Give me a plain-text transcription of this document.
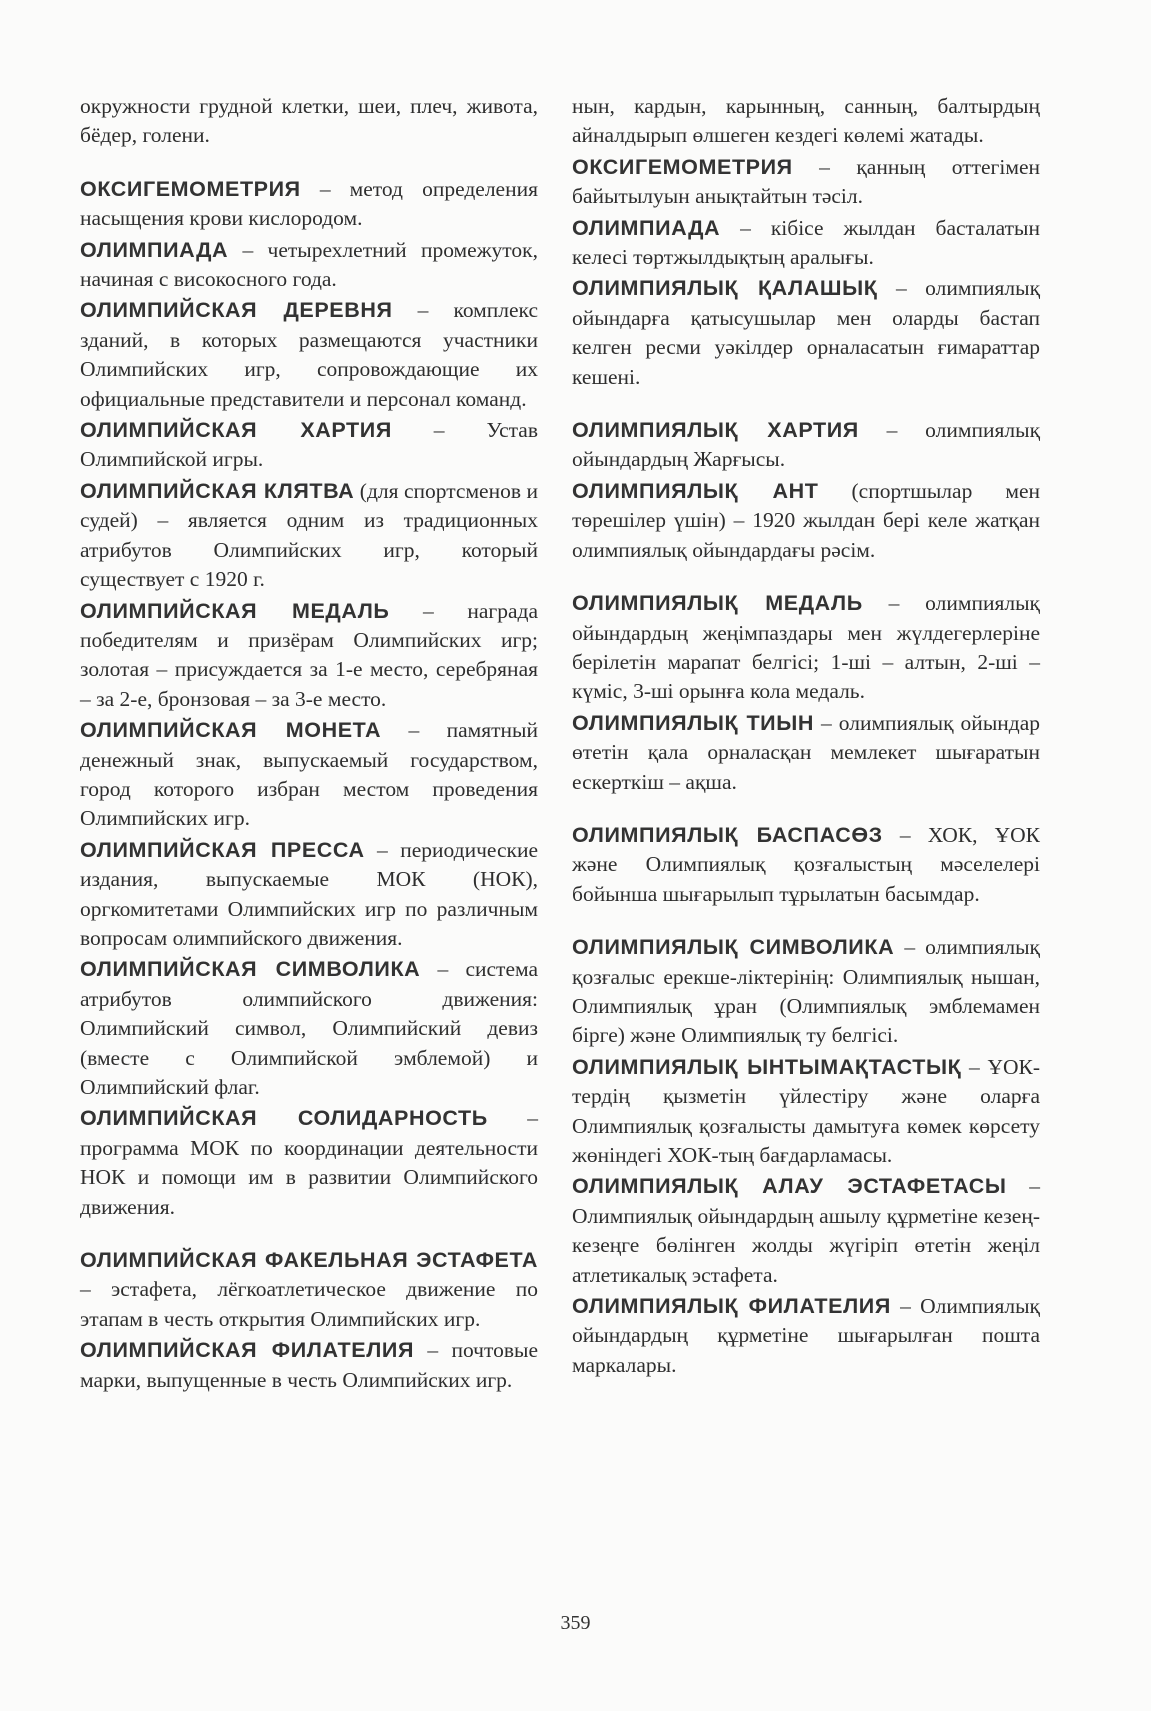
окружности грудной клетки, шеи, плеч, живота, бёдер, голени.

ОКСИГЕМОМЕТРИЯ – метод определения насыщения крови кислородом.

ОЛИМПИАДА – четырехлетний промежуток, начиная с високосного года.

ОЛИМПИЙСКАЯ ДЕРЕВНЯ – комплекс зданий, в которых размещаются участники Олимпийских игр, сопровождающие их официальные представители и персонал команд.

ОЛИМПИЙСКАЯ ХАРТИЯ – Устав Олимпийской игры.

ОЛИМПИЙСКАЯ КЛЯТВА (для спортсменов и судей) – является одним из традиционных атрибутов Олимпийских игр, который существует с 1920 г.

ОЛИМПИЙСКАЯ МЕДАЛЬ – награда победителям и призёрам Олимпийских игр; золотая – присуждается за 1-е место, серебряная – за 2-е, бронзовая – за 3-е место.

ОЛИМПИЙСКАЯ МОНЕТА – памятный денежный знак, выпускаемый государством, город которого избран местом проведения Олимпийских игр.

ОЛИМПИЙСКАЯ ПРЕССА – периодические издания, выпускаемые МОК (НОК), оргкомитетами Олимпийских игр по различным вопросам олимпийского движения.

ОЛИМПИЙСКАЯ СИМВОЛИКА – система атрибутов олимпийского движения: Олимпийский символ, Олимпийский девиз (вместе с Олимпийской эмблемой) и Олимпийский флаг.

ОЛИМПИЙСКАЯ СОЛИДАРНОСТЬ – программа МОК по координации деятельности НОК и помощи им в развитии Олимпийского движения.

ОЛИМПИЙСКАЯ ФАКЕЛЬНАЯ ЭСТАФЕТА – эстафета, лёгкоатлетическое движение по этапам в честь открытия Олимпийских игр.

ОЛИМПИЙСКАЯ ФИЛАТЕЛИЯ – почтовые марки, выпущенные в честь Олимпийских игр.

нын, кардын, карынның, санның, балтырдың айналдырып өлшеген кездегі көлемі жатады.

ОКСИГЕМОМЕТРИЯ – қанның оттегімен байытылуын анықтайтын тәсіл.

ОЛИМПИАДА – кібісе жылдан басталатын келесі төртжылдықтың аралығы.

ОЛИМПИЯЛЫҚ ҚАЛАШЫҚ – олимпиялық ойындарға қатысушылар мен оларды бастап келген ресми уәкілдер орналасатын ғимараттар кешені.

ОЛИМПИЯЛЫҚ ХАРТИЯ – олимпиялық ойындардың Жарғысы.

ОЛИМПИЯЛЫҚ АНТ (спортшылар мен төрешілер үшін) – 1920 жылдан бері келе жатқан олимпиялық ойындардағы рәсім.

ОЛИМПИЯЛЫҚ МЕДАЛЬ – олимпиялық ойындардың жеңімпаздары мен жүлдегерлеріне берілетін марапат белгісі; 1-ші – алтын, 2-ші – күміс, 3-ші орынға кола медаль.

ОЛИМПИЯЛЫҚ ТИЫН – олимпиялық ойындар өтетін қала орналасқан мемлекет шығаратын ескерткіш – ақша.

ОЛИМПИЯЛЫҚ БАСПАСӨЗ – ХОК, ҰОК және Олимпиялық қозғалыстың мәселелері бойынша шығарылып тұрылатын басымдар.

ОЛИМПИЯЛЫҚ СИМВОЛИКА – олимпиялық қозғалыс ерекше-ліктерінің: Олимпиялық нышан, Олимпиялық ұран (Олимпиялық эмблемамен бірге) және Олимпиялық ту белгісі.

ОЛИМПИЯЛЫҚ ЫНТЫМАҚТАСТЫҚ – ҰОК-тердің қызметін үйлестіру және оларға Олимпиялық қозғалысты дамытуға көмек көрсету жөніндегі ХОК-тың бағдарламасы.

ОЛИМПИЯЛЫҚ АЛАУ ЭСТАФЕТАСЫ – Олимпиялық ойындардың ашылу құрметіне кезең-кезеңге бөлінген жолды жүгіріп өтетін жеңіл атлетикалық эстафета.

ОЛИМПИЯЛЫҚ ФИЛАТЕЛИЯ – Олимпиялық ойындардың құрметіне шығарылған пошта маркалары.

359
